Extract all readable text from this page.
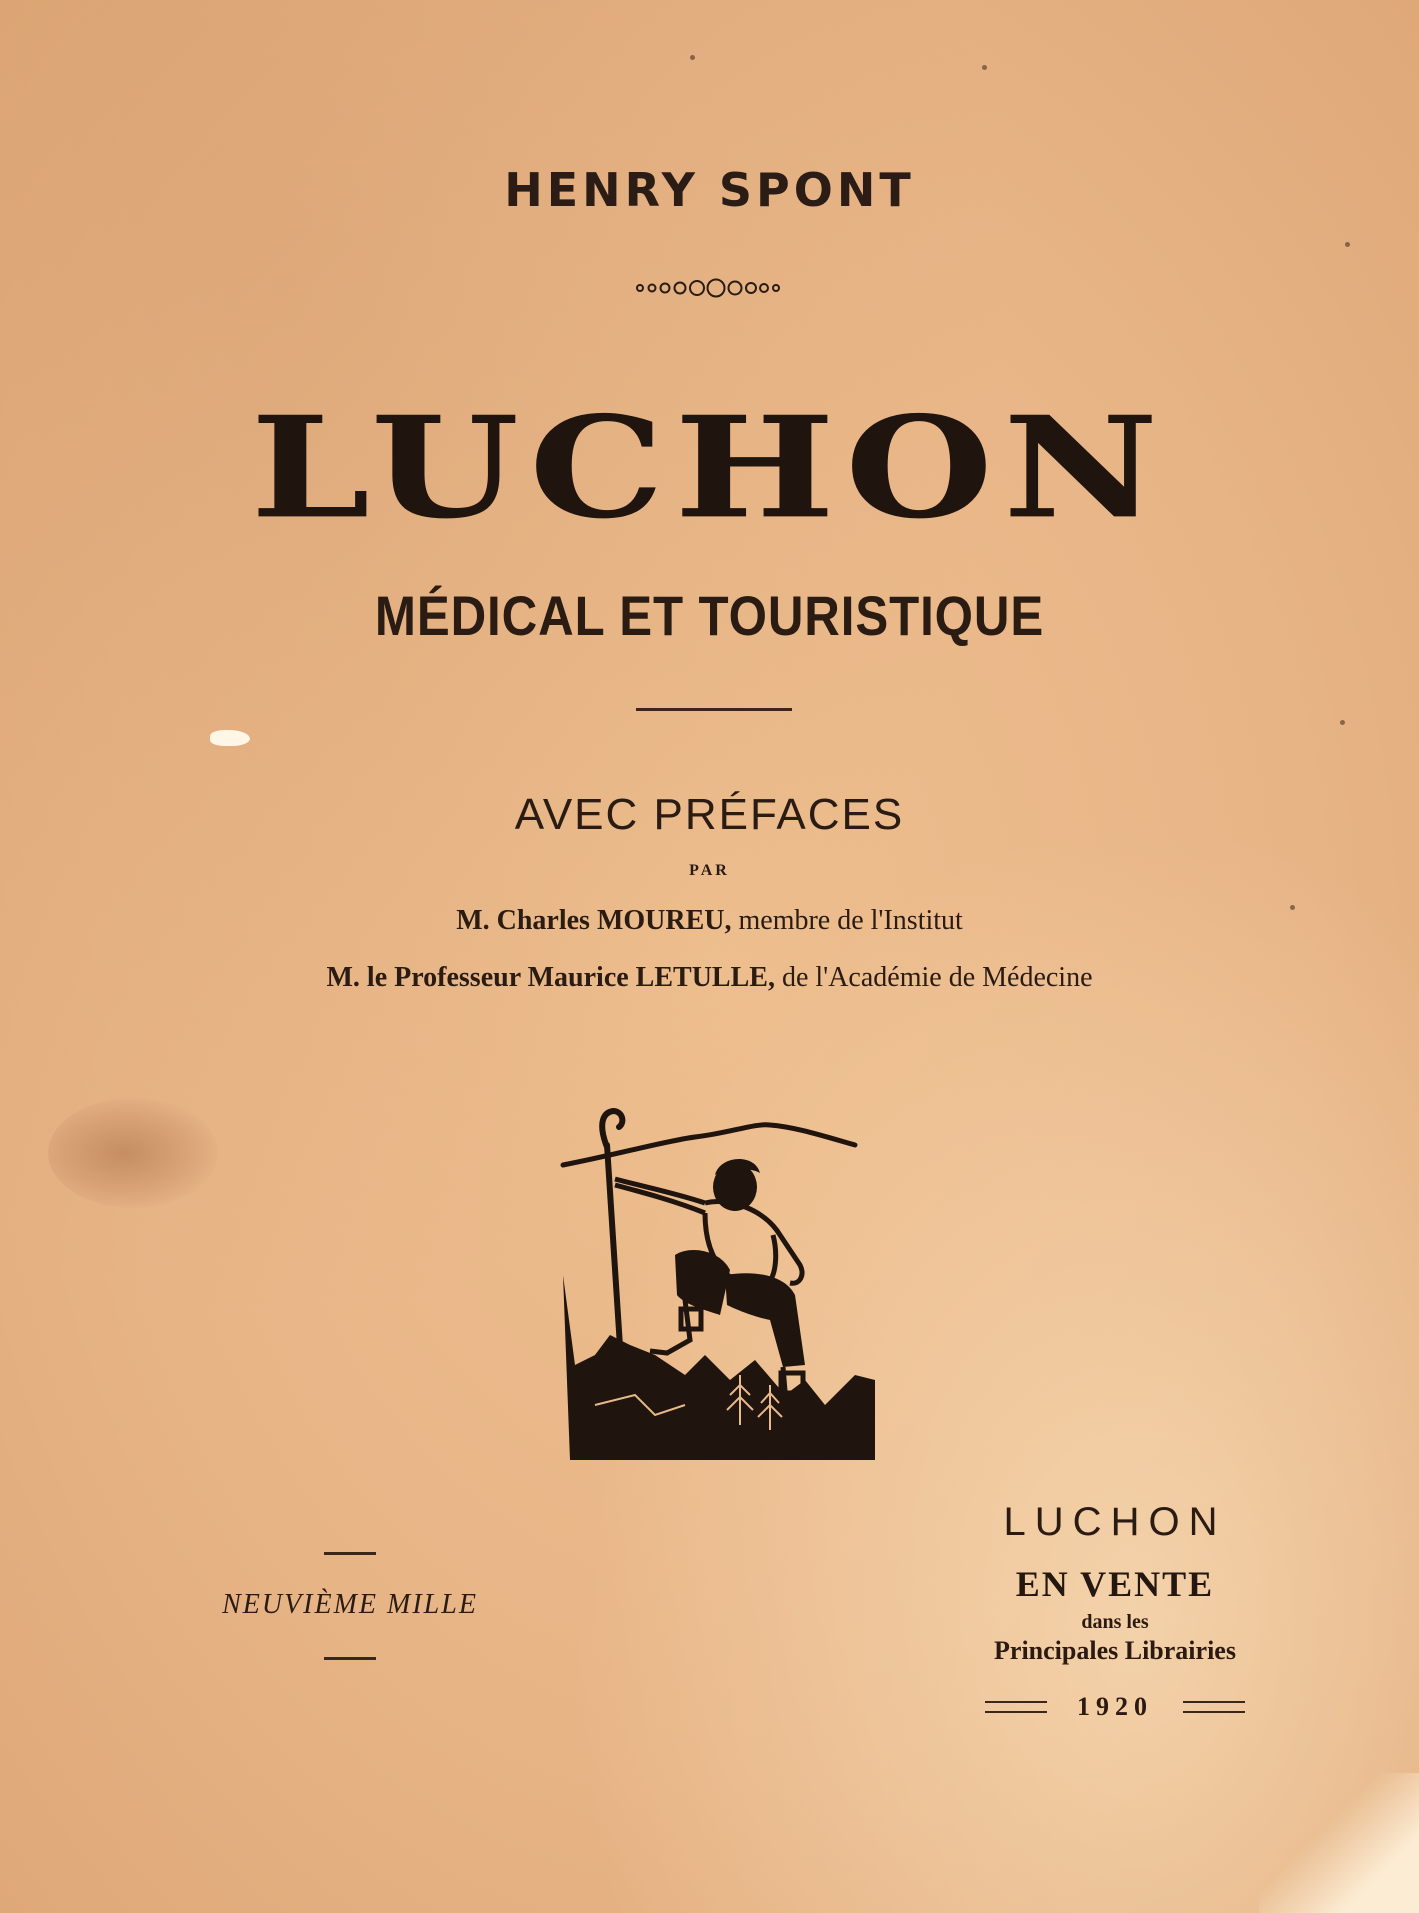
HENRY SPONT
LUCHON
MÉDICAL ET TOURISTIQUE
AVEC PRÉFACES
PAR
M. Charles MOUREU, membre de l'Institut
M. le Professeur Maurice LETULLE, de l'Académie de Médecine
NEUVIÈME MILLE
LUCHON
EN VENTE
dans les
Principales Librairies
1920
